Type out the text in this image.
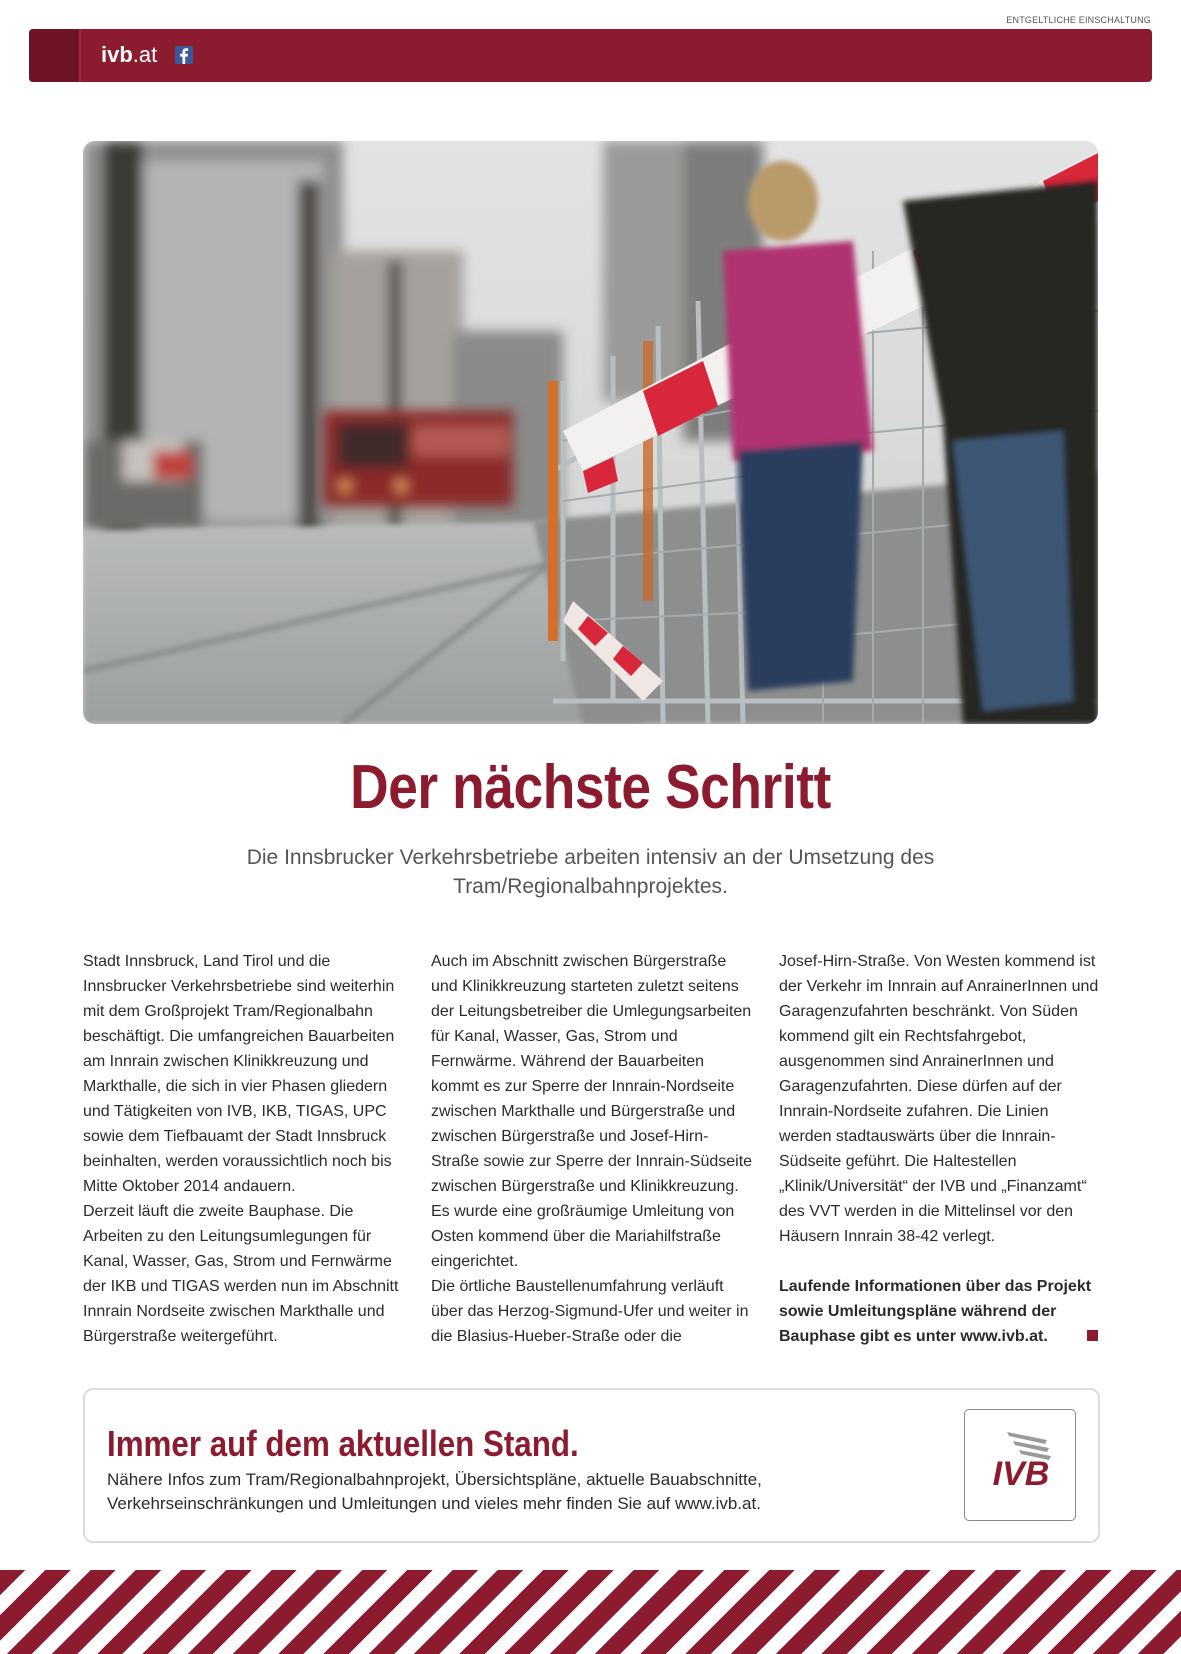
ENTGELTLICHE EINSCHALTUNG
ivb.at
Der nächste Schritt
Die Innsbrucker Verkehrsbetriebe arbeiten intensiv an der Umsetzung des Tram/Regionalbahnprojektes.

Stadt Innsbruck, Land Tirol und die Innsbrucker Verkehrsbetriebe sind weiterhin mit dem Großprojekt Tram/Regionalbahn beschäftigt. Die umfangreichen Bauarbeiten am Innrain zwischen Klinikkreuzung und Markthalle, die sich in vier Phasen gliedern und Tätigkeiten von IVB, IKB, TIGAS, UPC sowie dem Tiefbauamt der Stadt Innsbruck beinhalten, werden voraussichtlich noch bis Mitte Oktober 2014 andauern.

Derzeit läuft die zweite Bauphase. Die Arbeiten zu den Leitungsumlegungen für Kanal, Wasser, Gas, Strom und Fernwärme der IKB und TIGAS werden nun im Abschnitt Innrain Nordseite zwischen Markthalle und Bürgerstraße weitergeführt.

Auch im Abschnitt zwischen Bürgerstraße und Klinikkreuzung starteten zuletzt seitens der Leitungsbetreiber die Umlegungsarbeiten für Kanal, Wasser, Gas, Strom und Fernwärme. Während der Bauarbeiten kommt es zur Sperre der Innrain-Nordseite zwischen Markthalle und Bürgerstraße und zwischen Bürgerstraße und Josef-Hirn-Straße sowie zur Sperre der Innrain-Südseite zwischen Bürgerstraße und Klinikkreuzung. Es wurde eine großräumige Umleitung von Osten kommend über die Mariahilfstraße eingerichtet.

Die örtliche Baustellenumfahrung verläuft über das Herzog-Sigmund-Ufer und weiter in die Blasius-Hueber-Straße oder die

Josef-Hirn-Straße. Von Westen kommend ist der Verkehr im Innrain auf AnrainerInnen und Garagenzufahrten beschränkt. Von Süden kommend gilt ein Rechtsfahrgebot, ausgenommen sind AnrainerInnen und Garagenzufahrten. Diese dürfen auf der Innrain-Nordseite zufahren. Die Linien werden stadtauswärts über die Innrain-Südseite geführt. Die Haltestellen „Klinik/Universität“ der IVB und „Finanzamt“ des VVT werden in die Mittelinsel vor den Häusern Innrain 38-42 verlegt.

Laufende Informationen über das Projekt sowie Umleitungspläne während der Bauphase gibt es unter www.ivb.at.

Immer auf dem aktuellen Stand.
Nähere Infos zum Tram/Regionalbahnprojekt, Übersichtspläne, aktuelle Bauabschnitte, Verkehrseinschränkungen und Umleitungen und vieles mehr finden Sie auf www.ivb.at.
IVB
